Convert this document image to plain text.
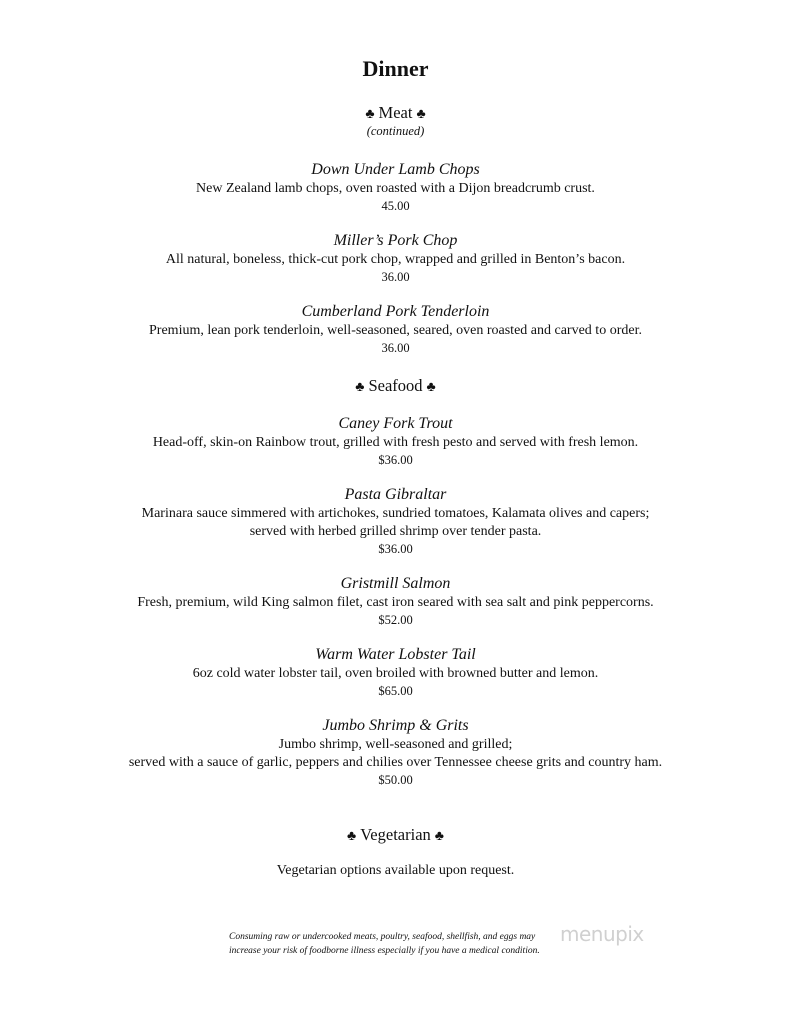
Dinner
♣ Meat ♣
(continued)
Down Under Lamb Chops
New Zealand lamb chops, oven roasted with a Dijon breadcrumb crust.
45.00
Miller’s Pork Chop
All natural, boneless, thick-cut pork chop, wrapped and grilled in Benton’s bacon.
36.00
Cumberland Pork Tenderloin
Premium, lean pork tenderloin, well-seasoned, seared, oven roasted and carved to order.
36.00
♣ Seafood ♣
Caney Fork Trout
Head-off, skin-on Rainbow trout, grilled with fresh pesto and served with fresh lemon.
$36.00
Pasta Gibraltar
Marinara sauce simmered with artichokes, sundried tomatoes, Kalamata olives and capers;
served with herbed grilled shrimp over tender pasta.
$36.00
Gristmill Salmon
Fresh, premium, wild King salmon filet, cast iron seared with sea salt and pink peppercorns.
$52.00
Warm Water Lobster Tail
6oz cold water lobster tail, oven broiled with browned butter and lemon.
$65.00
Jumbo Shrimp & Grits
Jumbo shrimp, well-seasoned and grilled;
served with a sauce of garlic, peppers and chilies over Tennessee cheese grits and country ham.
$50.00
♣ Vegetarian ♣
Vegetarian options available upon request.
Consuming raw or undercooked meats, poultry, seafood, shellfish, and eggs may
increase your risk of foodborne illness especially if you have a medical condition.
menupix
